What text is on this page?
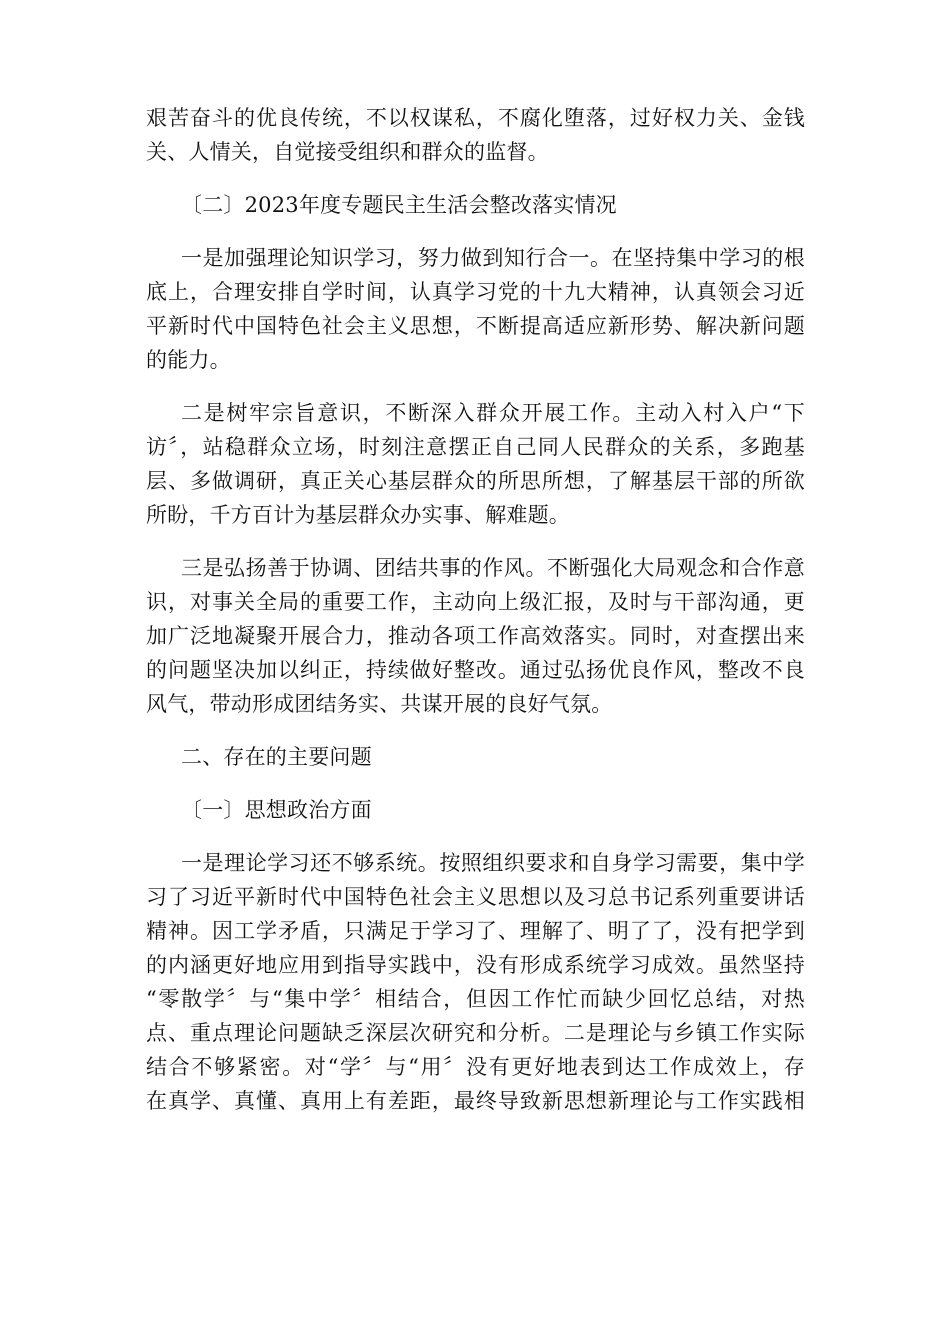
艰苦奋斗的优良传统，不以权谋私，不腐化堕落，过好权力关、金钱
关、人情关，自觉接受组织和群众的监督。
〔二〕2023年度专题民主生活会整改落实情况
一是加强理论知识学习，努力做到知行合一。在坚持集中学习的根
底上，合理安排自学时间，认真学习党的十九大精神，认真领会习近
平新时代中国特色社会主义思想，不断提高适应新形势、解决新问题
的能力。
二是树牢宗旨意识，不断深入群众开展工作。主动入村入户“下
访〞，站稳群众立场，时刻注意摆正自己同人民群众的关系，多跑基
层、多做调研，真正关心基层群众的所思所想，了解基层干部的所欲
所盼，千方百计为基层群众办实事、解难题。
三是弘扬善于协调、团结共事的作风。不断强化大局观念和合作意
识，对事关全局的重要工作，主动向上级汇报，及时与干部沟通，更
加广泛地凝聚开展合力，推动各项工作高效落实。同时，对查摆出来
的问题坚决加以纠正，持续做好整改。通过弘扬优良作风，整改不良
风气，带动形成团结务实、共谋开展的良好气氛。
二、存在的主要问题
〔一〕思想政治方面
一是理论学习还不够系统。按照组织要求和自身学习需要，集中学
习了习近平新时代中国特色社会主义思想以及习总书记系列重要讲话
精神。因工学矛盾，只满足于学习了、理解了、明了了，没有把学到
的内涵更好地应用到指导实践中，没有形成系统学习成效。虽然坚持
“零散学〞与“集中学〞相结合，但因工作忙而缺少回忆总结，对热
点、重点理论问题缺乏深层次研究和分析。二是理论与乡镇工作实际
结合不够紧密。对“学〞与“用〞没有更好地表到达工作成效上，存
在真学、真懂、真用上有差距，最终导致新思想新理论与工作实践相
